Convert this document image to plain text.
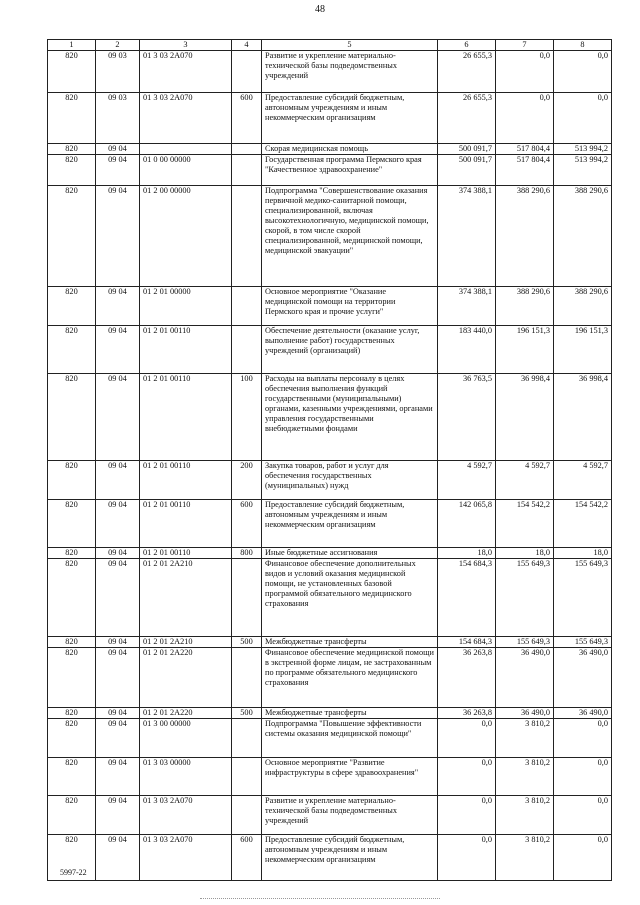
48
1	2	3	4	5	6	7	8
820	09 03	01 3 03 2А070		Развитие и укрепление материально-технической базы подведомственных учреждений	26 655,3	0,0	0,0
820	09 03	01 3 03 2А070	600	Предоставление субсидий бюджетным, автономным учреждениям и иным некоммерческим организациям	26 655,3	0,0	0,0
820	09 04			Скорая медицинская помощь	500 091,7	517 804,4	513 994,2
820	09 04	01 0 00 00000		Государственная программа Пермского края "Качественное здравоохранение"	500 091,7	517 804,4	513 994,2
820	09 04	01 2 00 00000		Подпрограмма "Совершенствование оказания первичной медико-санитарной помощи, специализированной, включая высокотехнологичную, медицинской помощи, скорой, в том числе скорой специализированной, медицинской помощи, медицинской эвакуации"	374 388,1	388 290,6	388 290,6
820	09 04	01 2 01 00000		Основное мероприятие "Оказание медицинской помощи на территории Пермского края и прочие услуги"	374 388,1	388 290,6	388 290,6
820	09 04	01 2 01 00110		Обеспечение деятельности (оказание услуг, выполнение работ) государственных учреждений (организаций)	183 440,0	196 151,3	196 151,3
820	09 04	01 2 01 00110	100	Расходы на выплаты персоналу в целях обеспечения выполнения функций государственными (муниципальными) органами, казенными учреждениями, органами управления государственными внебюджетными фондами	36 763,5	36 998,4	36 998,4
820	09 04	01 2 01 00110	200	Закупка товаров, работ и услуг для обеспечения государственных (муниципальных) нужд	4 592,7	4 592,7	4 592,7
820	09 04	01 2 01 00110	600	Предоставление субсидий бюджетным, автономным учреждениям и иным некоммерческим организациям	142 065,8	154 542,2	154 542,2
820	09 04	01 2 01 00110	800	Иные бюджетные ассигнования	18,0	18,0	18,0
820	09 04	01 2 01 2А210		Финансовое обеспечение дополнительных видов и условий оказания медицинской помощи, не установленных базовой программой обязательного медицинского страхования	154 684,3	155 649,3	155 649,3
820	09 04	01 2 01 2А210	500	Межбюджетные трансферты	154 684,3	155 649,3	155 649,3
820	09 04	01 2 01 2А220		Финансовое обеспечение медицинской помощи в экстренной форме лицам, не застрахованным по программе обязательного медицинского страхования	36 263,8	36 490,0	36 490,0
820	09 04	01 2 01 2А220	500	Межбюджетные трансферты	36 263,8	36 490,0	36 490,0
820	09 04	01 3 00 00000		Подпрограмма "Повышение эффективности системы оказания медицинской помощи"	0,0	3 810,2	0,0
820	09 04	01 3 03 00000		Основное мероприятие "Развитие инфраструктуры в сфере здравоохранения"	0,0	3 810,2	0,0
820	09 04	01 3 03 2А070		Развитие и укрепление материально-технической базы подведомственных учреждений	0,0	3 810,2	0,0
820	09 04	01 3 03 2А070	600	Предоставление субсидий бюджетным, автономным учреждениям и иным некоммерческим организациям	0,0	3 810,2	0,0
5997-22
